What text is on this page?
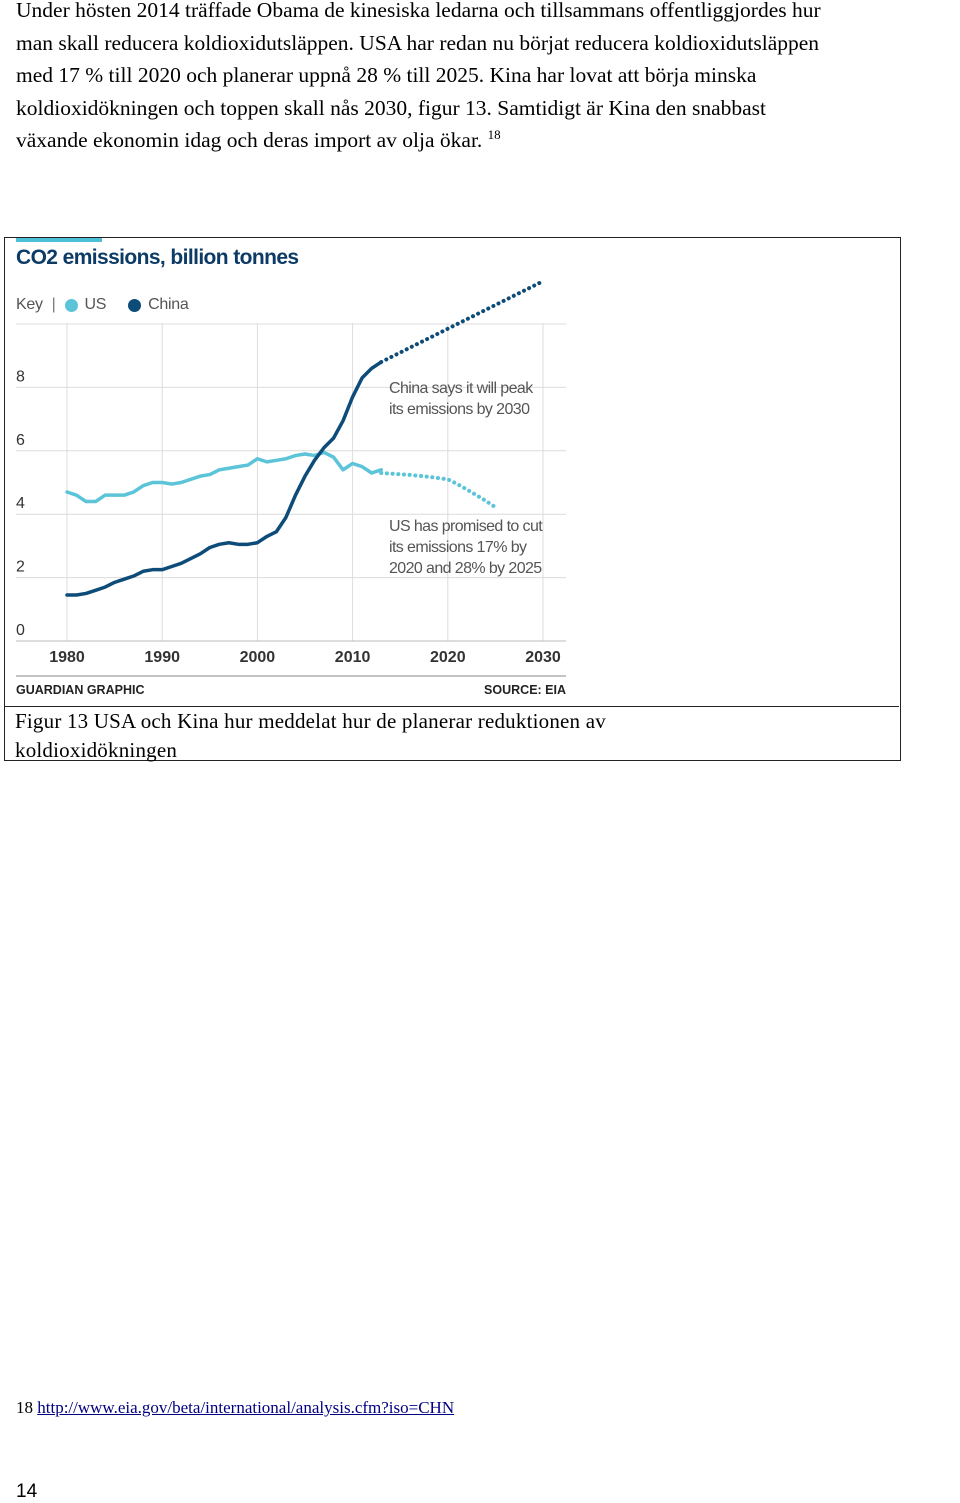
Under hösten 2014 träffade Obama de kinesiska ledarna och tillsammans offentliggjordes hur
man skall reducera koldioxidutsläppen. USA har redan nu börjat reducera koldioxidutsläppen
med 17 % till 2020 och planerar uppnå 28 % till 2025. Kina har lovat att börja minska
koldioxidökningen och toppen skall nås 2030, figur 13. Samtidigt är Kina den snabbast
växande ekonomin idag och deras import av olja ökar. $^{18}$
CO2 emissions, billion tonnes
Key | US	China
0
2
4
6
8
1980	1990	2000	2010	2020	2030
GUARDIAN GRAPHIC	SOURCE: EIA
China says it will peak
its emissions by 2030
US has promised to cut
its emissions 17% by
2020 and 28% by 2025
Figur 13 USA och Kina hur meddelat hur de planerar reduktionen av
koldioxidökningen
18 http://www.eia.gov/beta/international/analysis.cfm?iso=CHN
14
